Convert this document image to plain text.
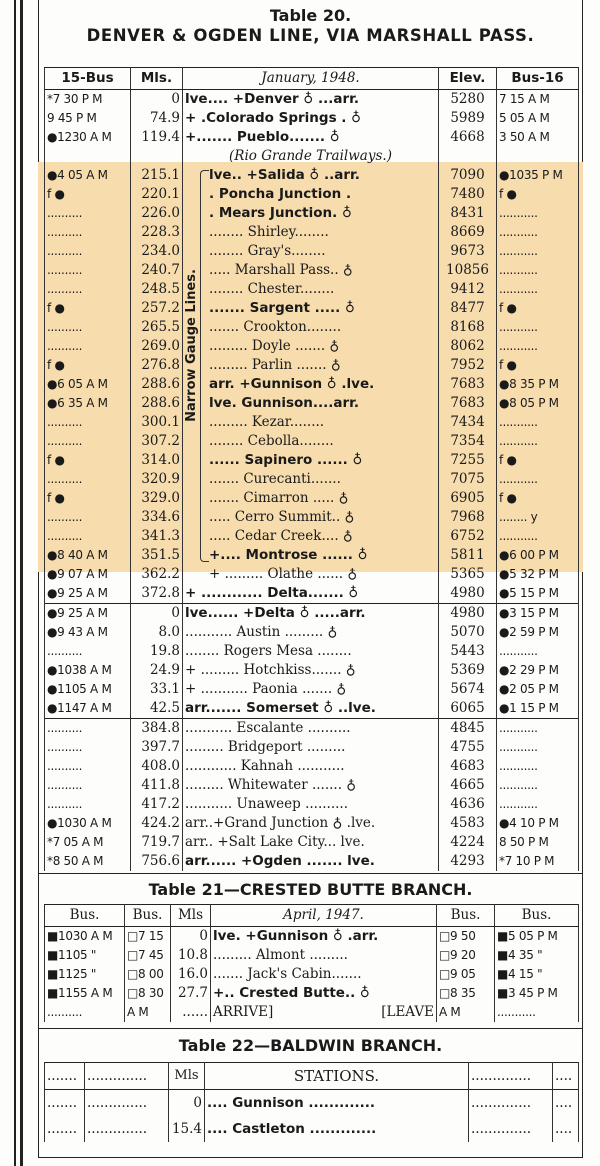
Table 20.
DENVER & OGDEN LINE, VIA MARSHALL PASS.
15-Bus	Mls.	January, 1948.	Elev.	Bus-16
*7 30 P M	0	lve.... +Denver ♁ ...arr.	5280	7 15 A M
9 45 P M	74.9	+ .Colorado Springs . ♁	5989	5 05 A M
●1230 A M	119.4	+....... Pueblo....... ♁	4668	3 50 A M
		(Rio Grande Trailways.)		
●4 05 A M	215.1	lve.. +Salida ♁ ..arr.	7090	●1035 P M
f ●	220.1	. Poncha Junction .	7480	f ●
..........	226.0	. Mears Junction. ♁	8431	...........
..........	228.3	........ Shirley........	8669	...........
..........	234.0	........ Gray's........	9673	...........
..........	240.7	..... Marshall Pass.. ♁	10856	...........
..........	248.5	........ Chester........	9412	...........
f ●	257.2	....... Sargent ..... ♁	8477	f ●
..........	265.5	....... Crookton........	8168	...........
..........	269.0	......... Doyle ....... ♁	8062	...........
f ●	276.8	......... Parlin ....... ♁	7952	f ●
●6 05 A M	288.6	arr. +Gunnison ♁ .lve.	7683	●8 35 P M
●6 35 A M	288.6	lve. Gunnison....arr.	7683	●8 05 P M
..........	300.1	......... Kezar........	7434	...........
..........	307.2	........ Cebolla........	7354	...........
f ●	314.0	...... Sapinero ...... ♁	7255	f ●
..........	320.9	....... Curecanti.......	7075	...........
f ●	329.0	....... Cimarron ..... ♁	6905	f ●
..........	334.6	..... Cerro Summit.. ♁	7968	........ y
..........	341.3	..... Cedar Creek.... ♁	6752	...........
●8 40 A M	351.5	+.... Montrose ...... ♁	5811	●6 00 P M
●9 07 A M	362.2	+ ......... Olathe ...... ♁	5365	●5 32 P M
●9 25 A M	372.8	+ ............ Delta....... ♁	4980	●5 15 P M
●9 25 A M	0	lve...... +Delta ♁ .....arr.	4980	●3 15 P M
●9 43 A M	8.0	........... Austin ......... ♁	5070	●2 59 P M
..........	19.8	........ Rogers Mesa ........	5443	...........
●1038 A M	24.9	+ ......... Hotchkiss....... ♁	5369	●2 29 P M
●1105 A M	33.1	+ ........... Paonia ....... ♁	5674	●2 05 P M
●1147 A M	42.5	arr....... Somerset ♁ ..lve.	6065	●1 15 P M
..........	384.8	........... Escalante ..........	4845	...........
..........	397.7	......... Bridgeport .........	4755	...........
..........	408.0	............ Kahnah ...........	4683	...........
..........	411.8	......... Whitewater ....... ♁	4665	...........
..........	417.2	........... Unaweep ..........	4636	...........
●1030 A M	424.2	arr..+Grand Junction ♁ .lve.	4583	●4 10 P M
*7 05 A M	719.7	arr.. +Salt Lake City... lve.	4224	8 50 P M
*8 50 A M	756.6	arr...... +Ogden ....... lve.	4293	*7 10 P M
Narrow Gauge Lines.
Table 21—CRESTED BUTTE BRANCH.
Bus.	Bus.	Mls	April, 1947.	Bus.	Bus.
■1030 A M	□7 15	0	lve. +Gunnison ♁ .arr.	□9 50	■5 05 P M
■1105 "	□7 45	10.8	......... Almont .........	□9 20	■4 35 "
■1125 "	□8 00	16.0	....... Jack's Cabin.......	□9 05	■4 15 "
■1155 A M	□8 30	27.7	+.. Crested Butte.. ♁	□8 35	■3 45 P M
..........	A M	......	ARRIVE] [LEAVE	A M	...........
Table 22—BALDWIN BRANCH.
.......	..............	Mls	STATIONS.	..............	....
.......	..............	0	.... Gunnison .............	..............	....
.......	..............	15.4	.... Castleton .............	..............	....
